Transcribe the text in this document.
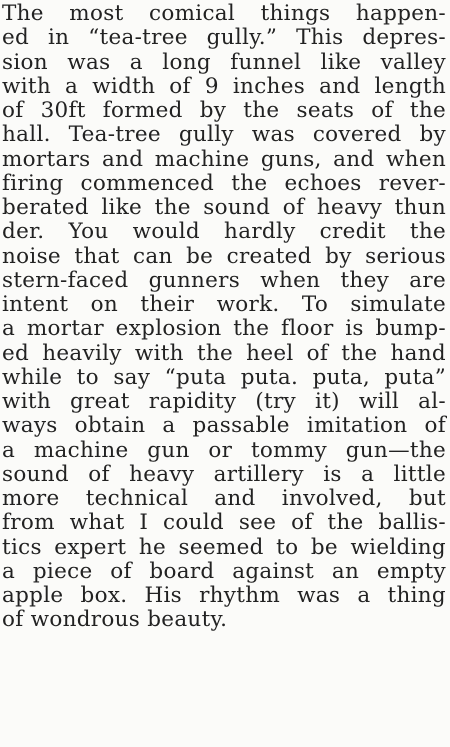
The most comical things happen-
ed in “tea-tree gully.” This depres-
sion was a long funnel like valley
with a width of 9 inches and length
of 30ft formed by the seats of the
hall. Tea-tree gully was covered by
mortars and machine guns, and when
firing commenced the echoes rever-
berated like the sound of heavy thun
der. You would hardly credit the
noise that can be created by serious
stern-faced gunners when they are
intent on their work. To simulate
a mortar explosion the floor is bump-
ed heavily with the heel of the hand
while to say “puta puta. puta, puta”
with great rapidity (try it) will al-
ways obtain a passable imitation of
a machine gun or tommy gun—the
sound of heavy artillery is a little
more technical and involved, but
from what I could see of the ballis-
tics expert he seemed to be wielding
a piece of board against an empty
apple box. His rhythm was a thing
of wondrous beauty.
